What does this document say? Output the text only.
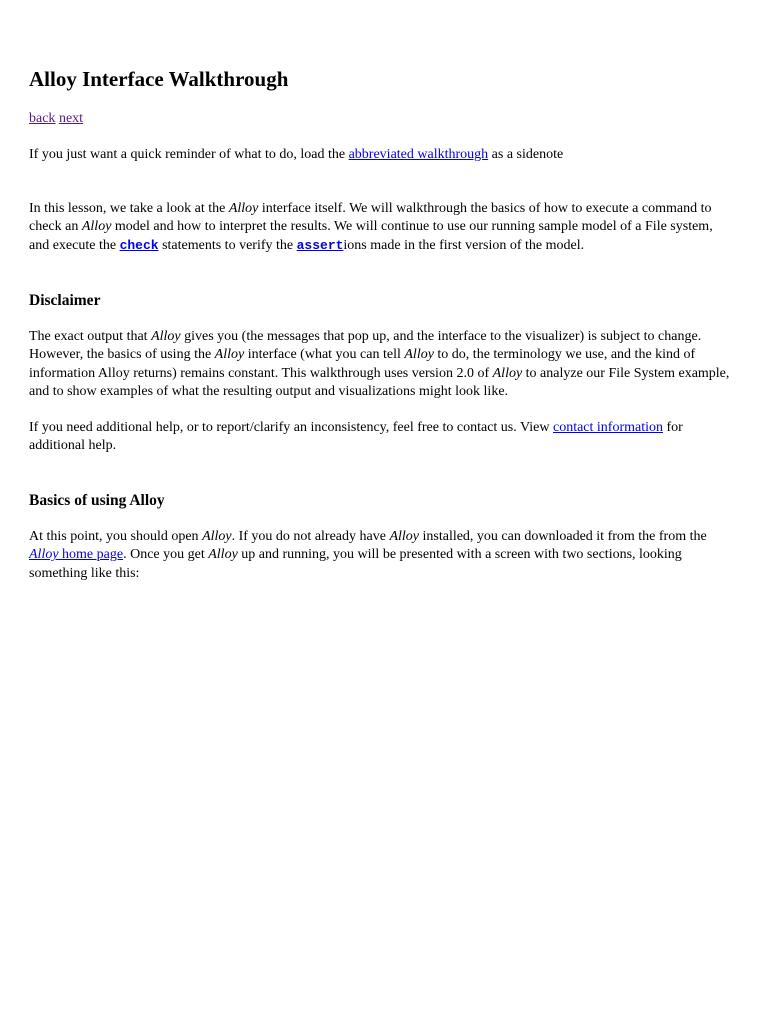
Alloy Interface Walkthrough

back next

If you just want a quick reminder of what to do, load the abbreviated walkthrough as a sidenote

In this lesson, we take a look at the Alloy interface itself. We will walkthrough the basics of how to execute a command to check an Alloy model and how to interpret the results. We will continue to use our running sample model of a File system, and execute the check statements to verify the assertions made in the first version of the model.

Disclaimer

The exact output that Alloy gives you (the messages that pop up, and the interface to the visualizer) is subject to change. However, the basics of using the Alloy interface (what you can tell Alloy to do, the terminology we use, and the kind of information Alloy returns) remains constant. This walkthrough uses version 2.0 of Alloy to analyze our File System example, and to show examples of what the resulting output and visualizations might look like.

If you need additional help, or to report/clarify an inconsistency, feel free to contact us. View contact information for additional help.

Basics of using Alloy

At this point, you should open Alloy. If you do not already have Alloy installed, you can downloaded it from the from the Alloy home page. Once you get Alloy up and running, you will be presented with a screen with two sections, looking something like this:
